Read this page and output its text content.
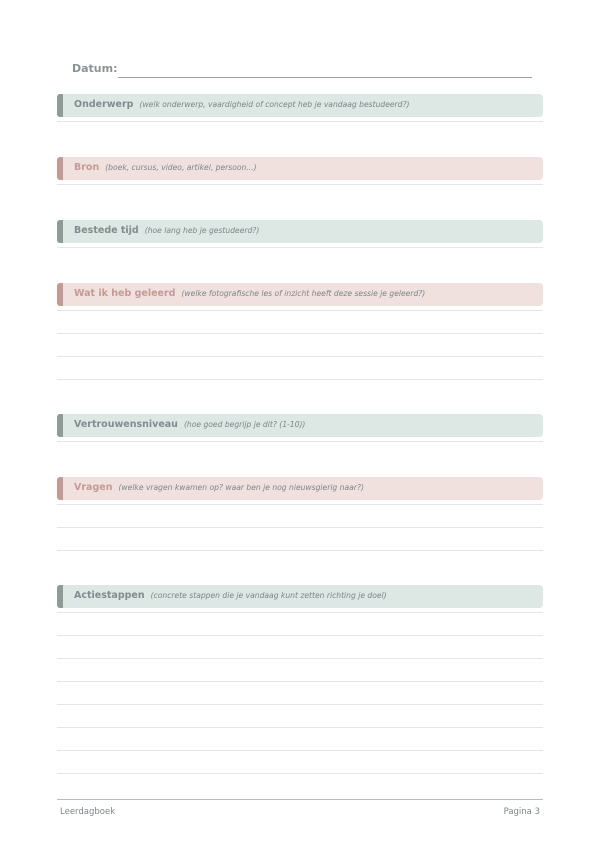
Datum:
Onderwerp (welk onderwerp, vaardigheid of concept heb je vandaag bestudeerd?)
Bron (boek, cursus, video, artikel, persoon...)
Bestede tijd (hoe lang heb je gestudeerd?)
Wat ik heb geleerd (welke fotografische les of inzicht heeft deze sessie je geleerd?)
Vertrouwensniveau (hoe goed begrijp je dit? (1-10))
Vragen (welke vragen kwamen op? waar ben je nog nieuwsgierig naar?)
Actiestappen (concrete stappen die je vandaag kunt zetten richting je doel)
Leerdagboek	Pagina 3
